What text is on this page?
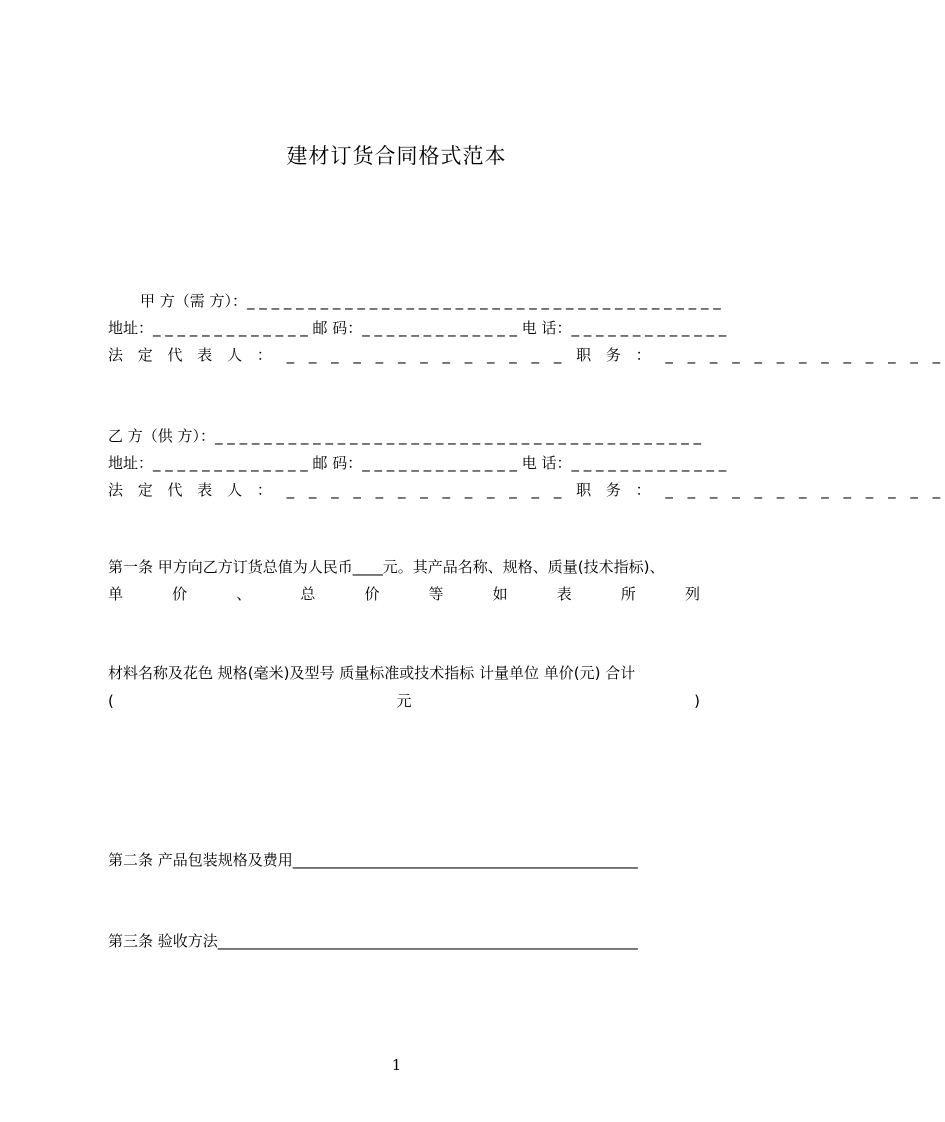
建材订货合同格式范本
甲 方（需 方）：_ _ _ _ _ _ _ _ _ _ _ _ _ _ _ _ _ _ _ _ _ _ _ _ _ _ _ _ _ _ _ _ _ _ _ _ _ _ _
地址：_ _ _ _ _ _ _ _ _ _ _ _ _ 邮 码：_ _ _ _ _ _ _ _ _ _ _ _ _ 电 话：_ _ _ _ _ _ _ _ _ _ _ _ _
法 定 代 表 人 ： _ _ _ _ _ _ _ _ _ _ _ _ _ 职 务 ： _ _ _ _ _ _ _ _ _ _ _ _ _
乙 方（供 方）：_ _ _ _ _ _ _ _ _ _ _ _ _ _ _ _ _ _ _ _ _ _ _ _ _ _ _ _ _ _ _ _ _ _ _ _ _ _ _ _
地址：_ _ _ _ _ _ _ _ _ _ _ _ _ 邮 码：_ _ _ _ _ _ _ _ _ _ _ _ _ 电 话：_ _ _ _ _ _ _ _ _ _ _ _ _
法 定 代 表 人 ： _ _ _ _ _ _ _ _ _ _ _ _ _ 职 务 ： _ _ _ _ _ _ _ _ _ _ _ _ _
第一条 甲方向乙方订货总值为人民币____元。其产品名称、规格、质量(技术指标)、
单	价	、	总	价	等	如	表	所	列
材料名称及花色 规格(毫米)及型号 质量标准或技术指标 计量单位 单价(元) 合计
(	元	)
第二条 产品包装规格及费用______________________________________________
第三条 验收方法________________________________________________________
1
